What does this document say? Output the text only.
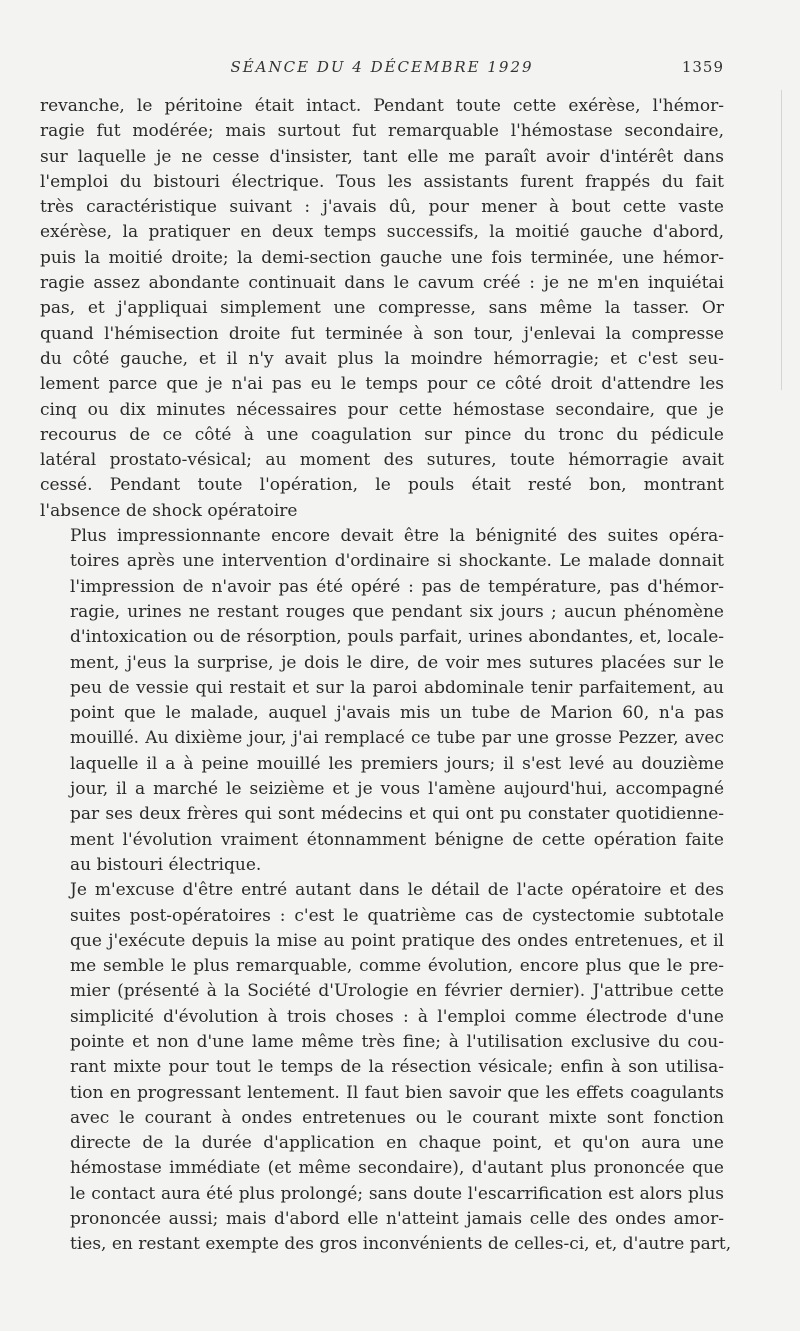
SÉANCE DU 4 DÉCEMBRE 1929	1359
revanche, le péritoine était intact. Pendant toute cette exérèse, l'hémor-
ragie fut modérée; mais surtout fut remarquable l'hémostase secondaire,
sur laquelle je ne cesse d'insister, tant elle me paraît avoir d'intérêt dans
l'emploi du bistouri électrique. Tous les assistants furent frappés du fait
très caractéristique suivant : j'avais dû, pour mener à bout cette vaste
exérèse, la pratiquer en deux temps successifs, la moitié gauche d'abord,
puis la moitié droite; la demi-section gauche une fois terminée, une hémor-
ragie assez abondante continuait dans le cavum créé : je ne m'en inquiétai
pas, et j'appliquai simplement une compresse, sans même la tasser. Or
quand l'hémisection droite fut terminée à son tour, j'enlevai la compresse
du côté gauche, et il n'y avait plus la moindre hémorragie; et c'est seu-
lement parce que je n'ai pas eu le temps pour ce côté droit d'attendre les
cinq ou dix minutes nécessaires pour cette hémostase secondaire, que je
recourus de ce côté à une coagulation sur pince du tronc du pédicule
latéral prostato-vésical; au moment des sutures, toute hémorragie avait
cessé. Pendant toute l'opération, le pouls était resté bon, montrant
l'absence de shock opératoire
Plus impressionnante encore devait être la bénignité des suites opéra-
toires après une intervention d'ordinaire si shockante. Le malade donnait
l'impression de n'avoir pas été opéré : pas de température, pas d'hémor-
ragie, urines ne restant rouges que pendant six jours ; aucun phénomène
d'intoxication ou de résorption, pouls parfait, urines abondantes, et, locale-
ment, j'eus la surprise, je dois le dire, de voir mes sutures placées sur le
peu de vessie qui restait et sur la paroi abdominale tenir parfaitement, au
point que le malade, auquel j'avais mis un tube de Marion 60, n'a pas
mouillé. Au dixième jour, j'ai remplacé ce tube par une grosse Pezzer, avec
laquelle il a à peine mouillé les premiers jours; il s'est levé au douzième
jour, il a marché le seizième et je vous l'amène aujourd'hui, accompagné
par ses deux frères qui sont médecins et qui ont pu constater quotidienne-
ment l'évolution vraiment étonnamment bénigne de cette opération faite
au bistouri électrique.
Je m'excuse d'être entré autant dans le détail de l'acte opératoire et des
suites post-opératoires : c'est le quatrième cas de cystectomie subtotale
que j'exécute depuis la mise au point pratique des ondes entretenues, et il
me semble le plus remarquable, comme évolution, encore plus que le pre-
mier (présenté à la Société d'Urologie en février dernier). J'attribue cette
simplicité d'évolution à trois choses : à l'emploi comme électrode d'une
pointe et non d'une lame même très fine; à l'utilisation exclusive du cou-
rant mixte pour tout le temps de la résection vésicale; enfin à son utilisa-
tion en progressant lentement. Il faut bien savoir que les effets coagulants
avec le courant à ondes entretenues ou le courant mixte sont fonction
directe de la durée d'application en chaque point, et qu'on aura une
hémostase immédiate (et même secondaire), d'autant plus prononcée que
le contact aura été plus prolongé; sans doute l'escarrification est alors plus
prononcée aussi; mais d'abord elle n'atteint jamais celle des ondes amor-
ties, en restant exempte des gros inconvénients de celles-ci, et, d'autre part,
